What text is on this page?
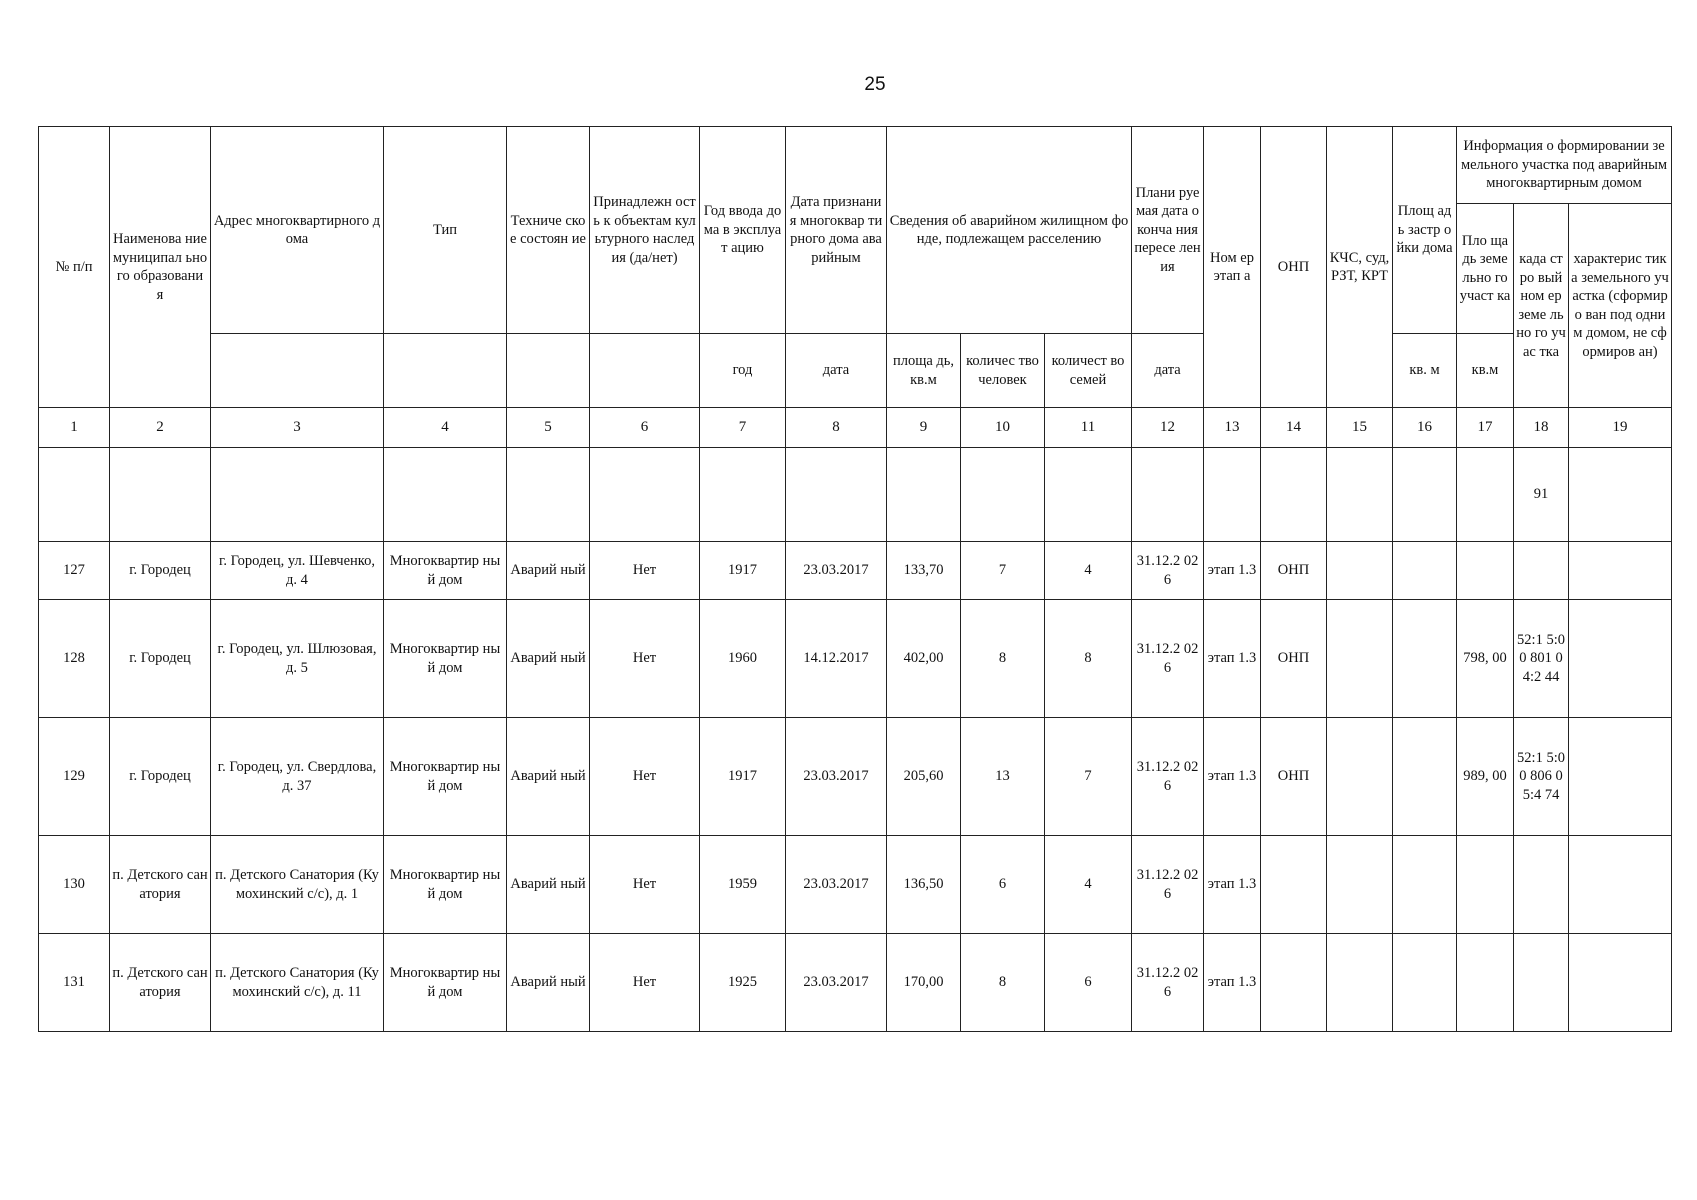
25
№ п/п	Наименова ние муниципал ьного образовани я	Адрес многоквартирного дома	Тип	Техниче ское состоян ие	Принадлежн ость к объектам культурного наследия (да/нет)	Год ввода дома в эксплуат ацию	Дата признания многоквар тирного дома аварийным	Сведения об аварийном жилищном фонде, подлежащем расселению			Плани руемая дата оконча ния пересе ления	Ном ер этап а	ОНП	КЧС, суд, РЗТ, КРТ	Площ адь застр ойки дома	Информация о формировании земельного участка под аварийным многоквартирным домом		
																Пло щадь земе льно го участ ка	када стро вый ном ер земе льно го учас тка	характерис тика земельного участка (сформиро ван под одним домом, не сформиров ан)
						год	дата	площа дь, кв.м	количес тво человек	количест во семей	дата				кв. м	кв.м		
1	2	3	4	5	6	7	8	9	10	11	12	13	14	15	16	17	18	19
																	91	
127	г. Городец	г. Городец, ул. Шевченко, д. 4	Многоквартир ный дом	Аварий ный	Нет	1917	23.03.2017	133,70	7	4	31.12.2 026	этап 1.3	ОНП					
128	г. Городец	г. Городец, ул. Шлюзовая, д. 5	Многоквартир ный дом	Аварий ный	Нет	1960	14.12.2017	402,00	8	8	31.12.2 026	этап 1.3	ОНП			798, 00	52:1 5:00 801 04:2 44	
129	г. Городец	г. Городец, ул. Свердлова, д. 37	Многоквартир ный дом	Аварий ный	Нет	1917	23.03.2017	205,60	13	7	31.12.2 026	этап 1.3	ОНП			989, 00	52:1 5:00 806 05:4 74	
130	п. Детского санатория	п. Детского Санатория (Кумохинский с/с), д. 1	Многоквартир ный дом	Аварий ный	Нет	1959	23.03.2017	136,50	6	4	31.12.2 026	этап 1.3						
131	п. Детского санатория	п. Детского Санатория (Кумохинский с/с), д. 11	Многоквартир ный дом	Аварий ный	Нет	1925	23.03.2017	170,00	8	6	31.12.2 026	этап 1.3						
